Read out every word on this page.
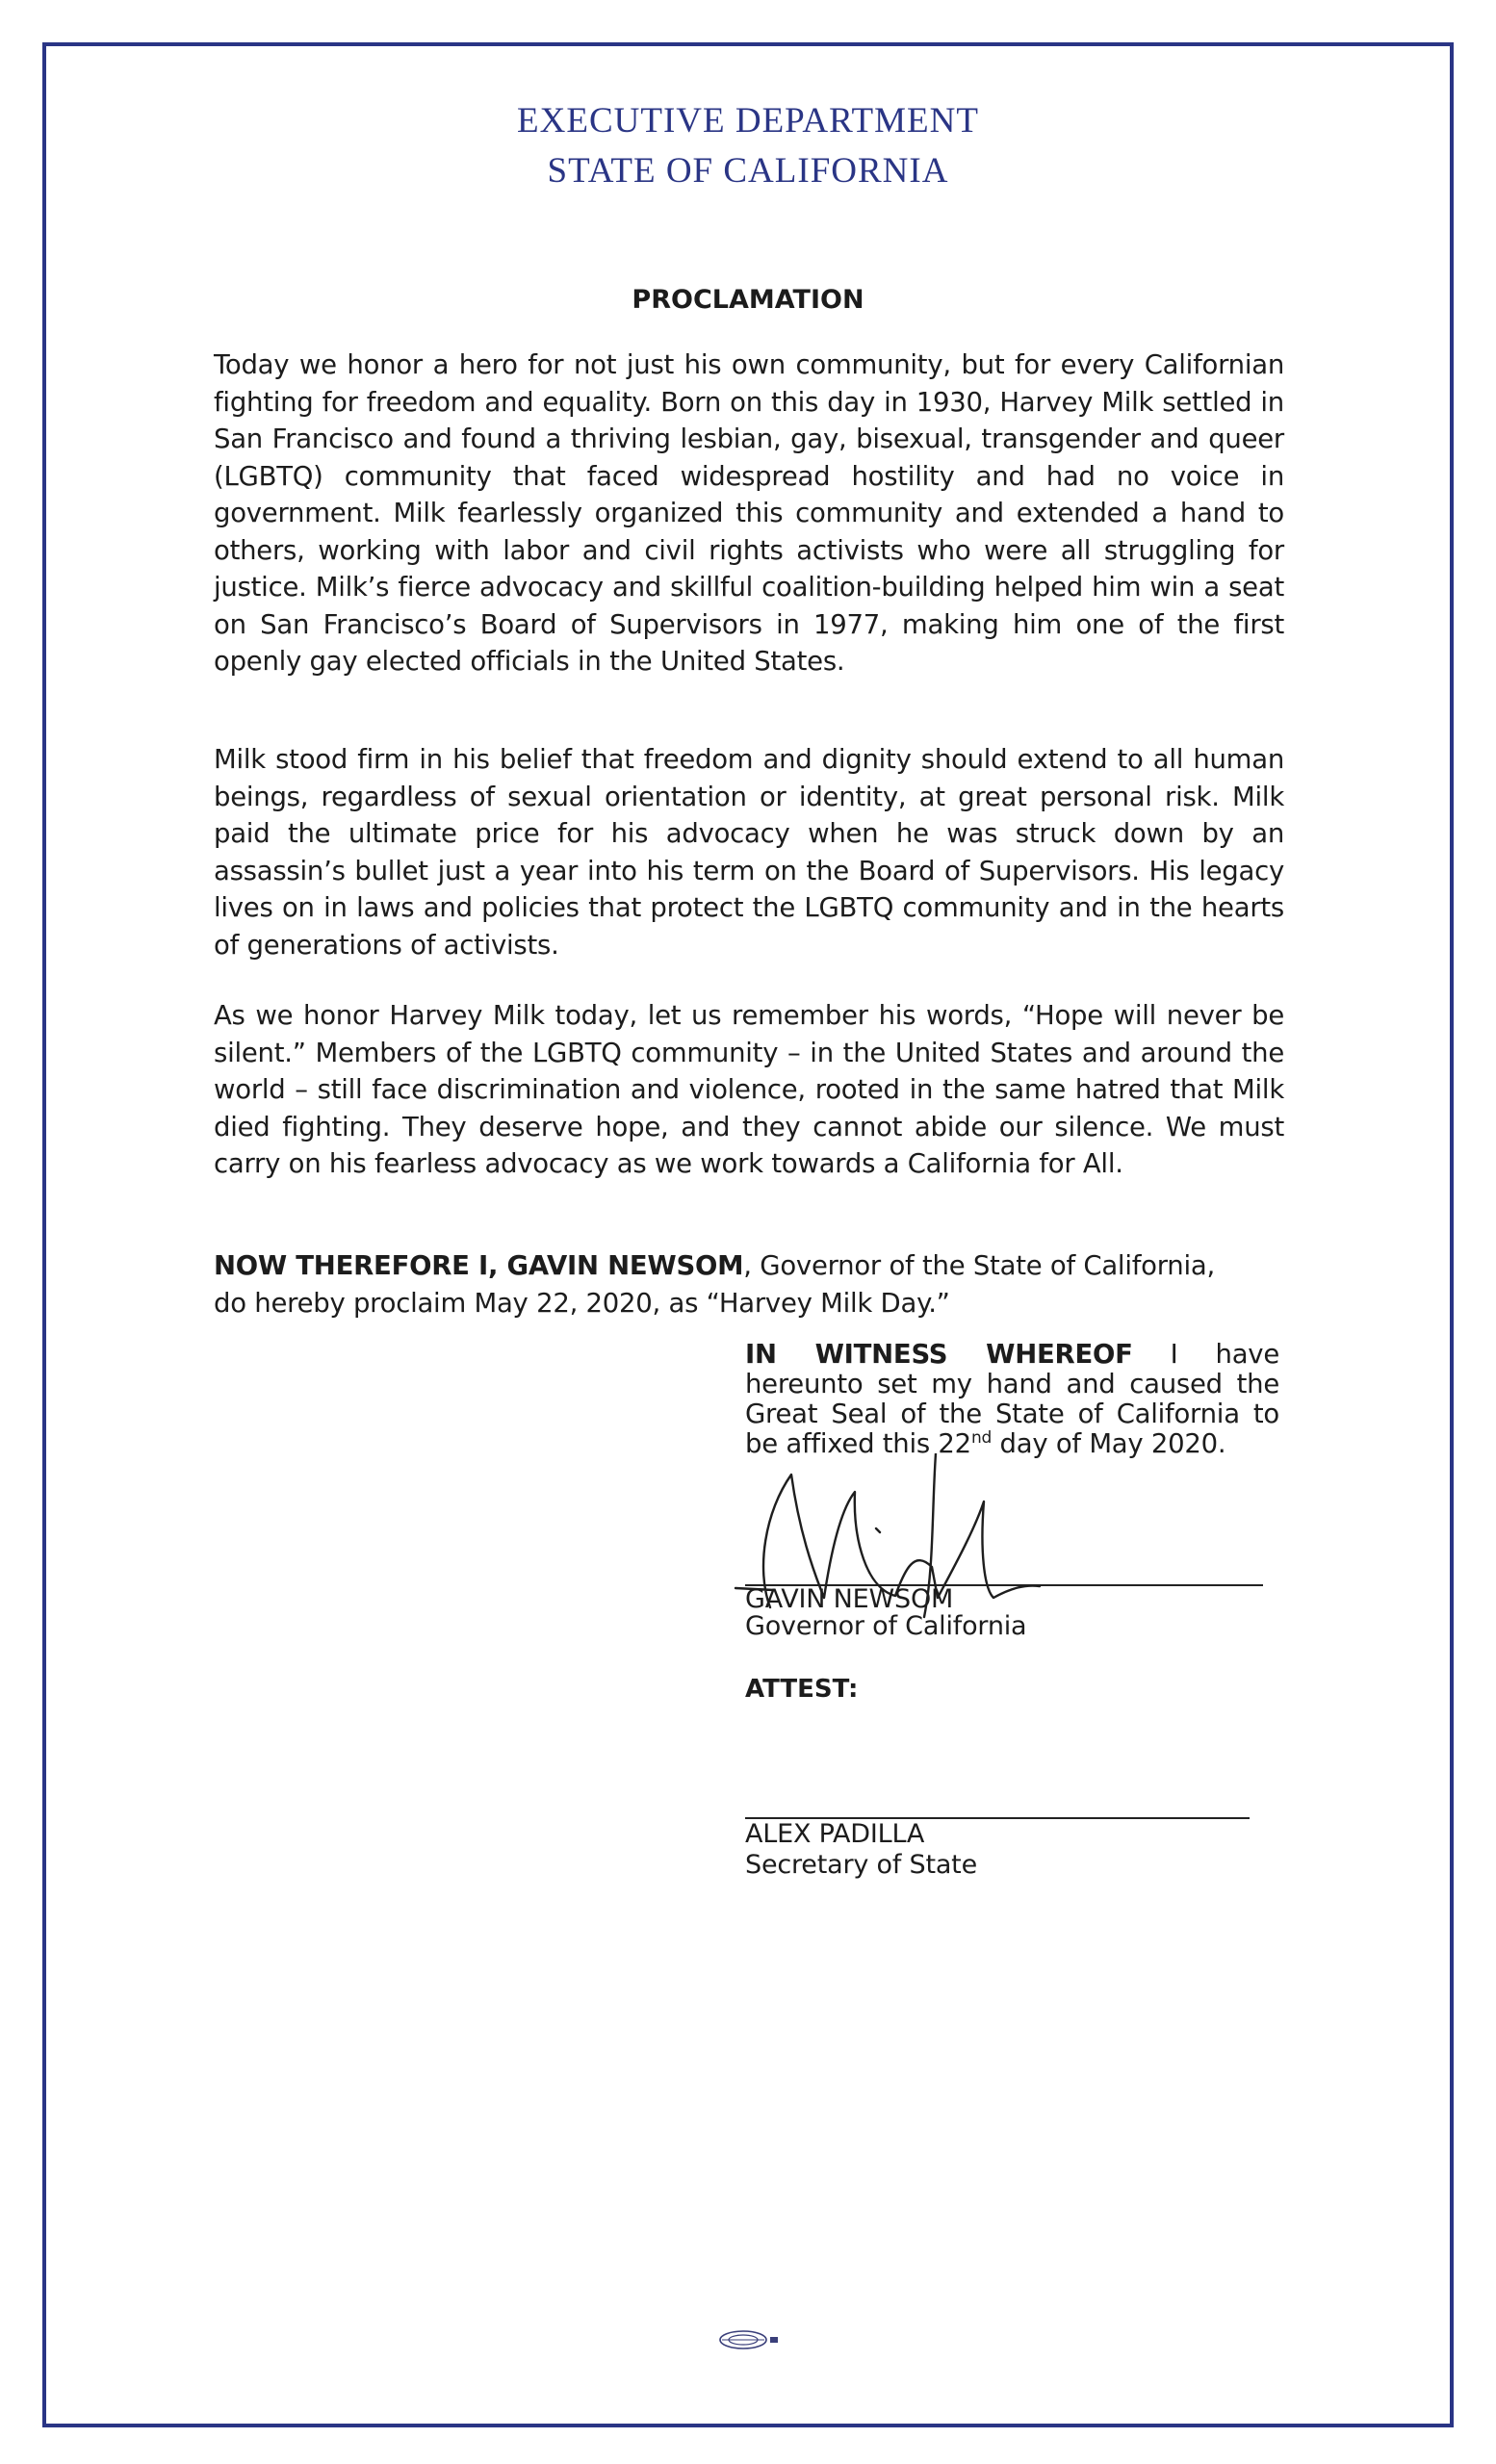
EXECUTIVE DEPARTMENT
STATE OF CALIFORNIA
PROCLAMATION

Today we honor a hero for not just his own community, but for every Californian fighting for freedom and equality. Born on this day in 1930, Harvey Milk settled in San Francisco and found a thriving lesbian, gay, bisexual, transgender and queer (LGBTQ) community that faced widespread hostility and had no voice in government. Milk fearlessly organized this community and extended a hand to others, working with labor and civil rights activists who were all struggling for justice. Milk’s fierce advocacy and skillful coalition-building helped him win a seat on San Francisco’s Board of Supervisors in 1977, making him one of the first openly gay elected officials in the United States.

Milk stood firm in his belief that freedom and dignity should extend to all human beings, regardless of sexual orientation or identity, at great personal risk. Milk paid the ultimate price for his advocacy when he was struck down by an assassin’s bullet just a year into his term on the Board of Supervisors. His legacy lives on in laws and policies that protect the LGBTQ community and in the hearts of generations of activists.

As we honor Harvey Milk today, let us remember his words, “Hope will never be silent.” Members of the LGBTQ community – in the United States and around the world – still face discrimination and violence, rooted in the same hatred that Milk died fighting. They deserve hope, and they cannot abide our silence. We must carry on his fearless advocacy as we work towards a California for All.

NOW THEREFORE I, GAVIN NEWSOM, Governor of the State of California,
do hereby proclaim May 22, 2020, as “Harvey Milk Day.”

IN WITNESS WHEREOF I have hereunto set my hand and caused the Great Seal of the State of California to be affixed this 22nd day of May 2020.

GAVIN NEWSOM
Governor of California
ATTEST:
ALEX PADILLA
Secretary of State
